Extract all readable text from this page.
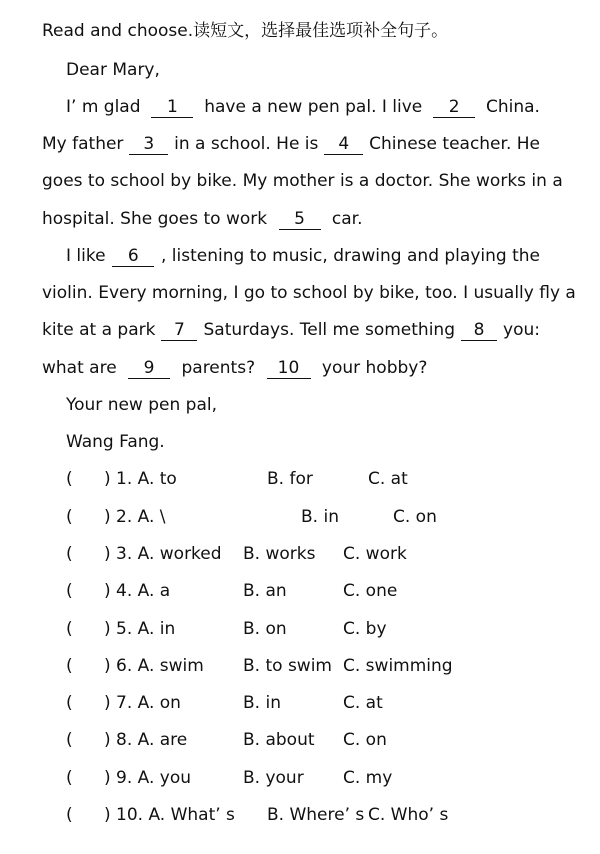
Read and choose.读短文，选择最佳选项补全句子。
Dear Mary,
I’ m glad	1	have a new pen pal. I live	2	China.
My father	3	in a school. He is	4	Chinese teacher. He
goes to school by bike. My mother is a doctor. She works in a
hospital. She goes to work 5 car.
I like	6	, listening to music, drawing and playing the
violin. Every morning, I go to school by bike, too. I usually fly a
kite at a park	7	Saturdays. Tell me something	8	you:
what are 9 parents? 10 your hobby?
Your new pen pal,
Wang Fang.
( ) 1. A. to	B. for	C. at
( ) 2. A. \	B. in	C. on
( ) 3. A. worked B. works C. work
( ) 4. A. a	B. an	C. one
( ) 5. A. in	B. on	C. by
( ) 6. A. swim B. to swim C. swimming
( ) 7. A. on	B. in	C. at
( ) 8. A. are	B. about C. on
( ) 9. A. you	B. your C. my
( ) 10. A. What’ s B. Where’ s C. Who’ s
